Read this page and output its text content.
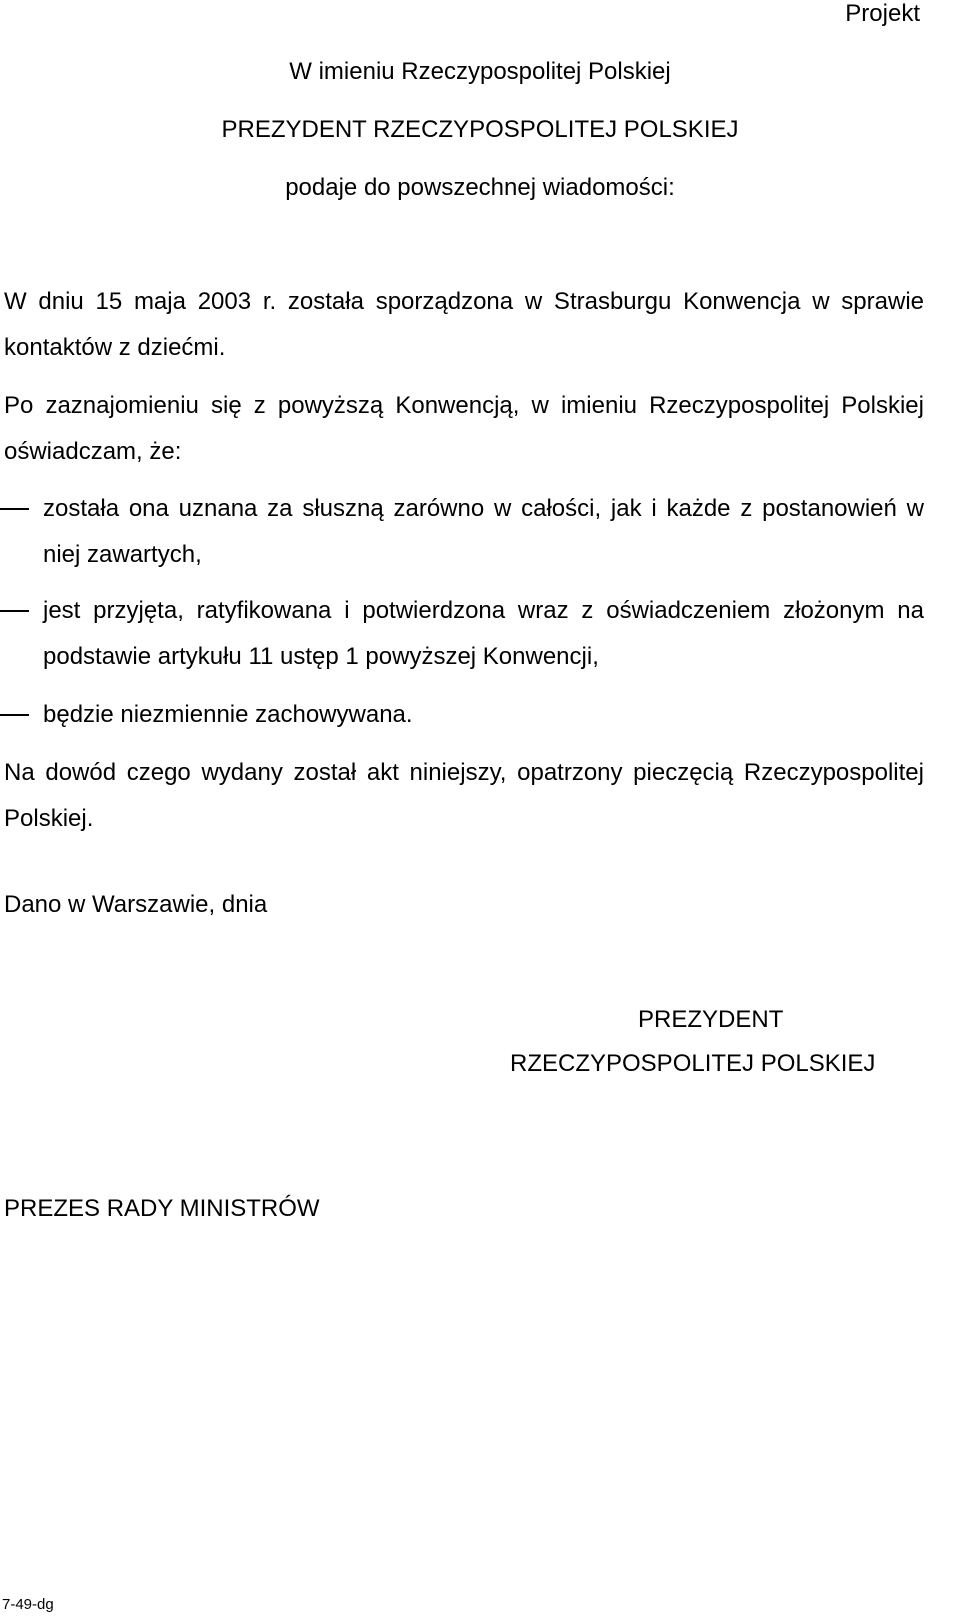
Projekt
W imieniu Rzeczypospolitej Polskiej
PREZYDENT RZECZYPOSPOLITEJ POLSKIEJ
podaje do powszechnej wiadomości:
W dniu 15 maja 2003 r. została sporządzona w Strasburgu Konwencja w sprawie kontaktów z dziećmi.
Po zaznajomieniu się z powyższą Konwencją, w imieniu Rzeczypospolitej Polskiej oświadczam, że:
została ona uznana za słuszną zarówno w całości, jak i każde z postanowień w niej zawartych,
jest przyjęta, ratyfikowana i potwierdzona wraz z oświadczeniem złożonym na podstawie artykułu 11 ustęp 1 powyższej Konwencji,
będzie niezmiennie zachowywana.
Na dowód czego wydany został akt niniejszy, opatrzony pieczęcią Rzeczypospolitej Polskiej.
Dano w Warszawie, dnia
PREZYDENT
RZECZYPOSPOLITEJ POLSKIEJ
PREZES RADY MINISTRÓW
7-49-dg
